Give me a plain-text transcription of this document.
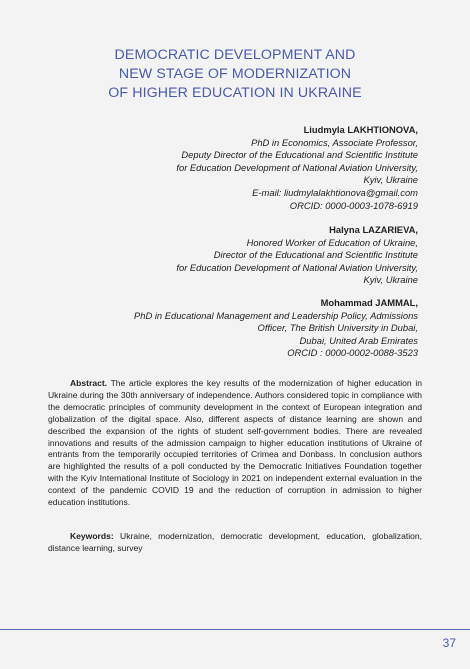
DEMOCRATIC DEVELOPMENT AND
NEW STAGE OF MODERNIZATION
OF HIGHER EDUCATION IN UKRAINE
Liudmyla LAKHTIONOVA,
PhD in Economics, Associate Professor,
Deputy Director of the Educational and Scientific Institute
for Education Development of National Aviation University,
Kyiv, Ukraine
E-mail: liudmylalakhtionova@gmail.com
ORCID: 0000-0003-1078-6919
Halyna LAZARIEVA,
Honored Worker of Education of Ukraine,
Director of the Educational and Scientific Institute
for Education Development of National Aviation University,
Kyiv, Ukraine
Mohammad JAMMAL,
PhD in Educational Management and Leadership Policy, Admissions
Officer, The British University in Dubai,
Dubai, United Arab Emirates
ORCID : 0000-0002-0088-3523
Abstract. The article explores the key results of the modernization of higher education in Ukraine during the 30th anniversary of independence. Authors considered topic in compliance with the democratic principles of community development in the context of European integration and globalization of the digital space. Also, different aspects of distance learning are shown and described the expansion of the rights of student self-government bodies. There are revealed innovations and results of the admission campaign to higher education institutions of Ukraine of entrants from the temporarily occupied territories of Crimea and Donbass. In conclusion authors are highlighted the results of a poll conducted by the Democratic Initiatives Foundation together with the Kyiv International Institute of Sociology in 2021 on independent external evaluation in the context of the pandemic COVID 19 and the reduction of corruption in admission to higher education institutions.
Keywords: Ukraine, modernization, democratic development, education, globalization, distance learning, survey
37
